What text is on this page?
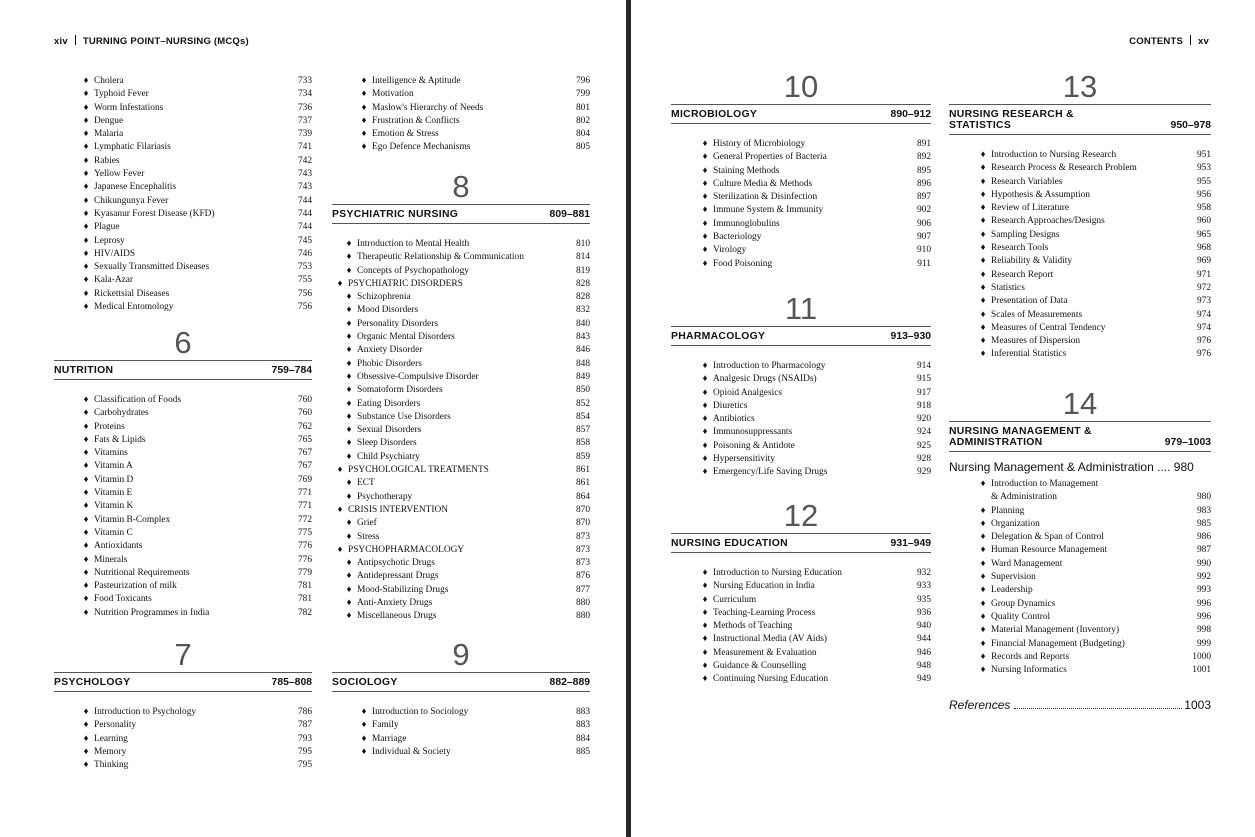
xiv TURNING POINT–NURSING (MCQs)
♦ Cholera	733
♦ Typhoid Fever	734
♦ Worm Infestations	736
♦ Dengue	737
♦ Malaria	739
♦ Lymphatic Filariasis	741
♦ Rabies	742
♦ Yellow Fever	743
♦ Japanese Encephalitis	743
♦ Chikungunya Fever	744
♦ Kyasanur Forest Disease (KFD)	744
♦ Plague	744
♦ Leprosy	745
♦ HIV/AIDS	746
♦ Sexually Transmitted Diseases	753
♦ Kala-Azar	755
♦ Rickettsial Diseases	756
♦ Medical Entomology	756
6
NUTRITION	759–784
♦ Classification of Foods	760
♦ Carbohydrates	760
♦ Proteins	762
♦ Fats & Lipids	765
♦ Vitamins	767
♦ Vitamin A	767
♦ Vitamin D	769
♦ Vitamin E	771
♦ Vitamin K	771
♦ Vitamin B-Complex	772
♦ Vitamin C	775
♦ Antioxidants	776
♦ Minerals	776
♦ Nutritional Requirements	779
♦ Pasteurization of milk	781
♦ Food Toxicants	781
♦ Nutrition Programmes in India	782
7
PSYCHOLOGY	785–808
♦ Introduction to Psychology	786
♦ Personality	787
♦ Learning	793
♦ Memory	795
♦ Thinking	795
♦ Intelligence & Aptitude	796
♦ Motivation	799
♦ Maslow's Hierarchy of Needs	801
♦ Frustration & Conflicts	802
♦ Emotion & Stress	804
♦ Ego Defence Mechanisms	805
8
PSYCHIATRIC NURSING	809–881
♦ Introduction to Mental Health	810
♦ Therapeutic Relationship & Communication	814
♦ Concepts of Psychopathology	819
♦ PSYCHIATRIC DISORDERS	828
♦ Schizophrenia	828
♦ Mood Disorders	832
♦ Personality Disorders	840
♦ Organic Mental Disorders	843
♦ Anxiety Disorder	846
♦ Phobic Disorders	848
♦ Obsessive-Compulsive Disorder	849
♦ Somatoform Disorders	850
♦ Eating Disorders	852
♦ Substance Use Disorders	854
♦ Sexual Disorders	857
♦ Sleep Disorders	858
♦ Child Psychiatry	859
♦ PSYCHOLOGICAL TREATMENTS	861
♦ ECT	861
♦ Psychotherapy	864
♦ CRISIS INTERVENTION	870
♦ Grief	870
♦ Stress	873
♦ PSYCHOPHARMACOLOGY	873
♦ Antipsychotic Drugs	873
♦ Antidepressant Drugs	876
♦ Mood-Stabilizing Drugs	877
♦ Anti-Anxiety Drugs	880
♦ Miscellaneous Drugs	880
9
SOCIOLOGY	882–889
♦ Introduction to Sociology	883
♦ Family	883
♦ Marriage	884
♦ Individual & Society	885
CONTENTS xv
10
MICROBIOLOGY	890–912
♦ History of Microbiology	891
♦ General Properties of Bacteria	892
♦ Staining Methods	895
♦ Culture Media & Methods	896
♦ Sterilization & Disinfection	897
♦ Immune System & Immunity	902
♦ Immunoglobulins	906
♦ Bacteriology	907
♦ Virology	910
♦ Food Poisoning	911
11
PHARMACOLOGY	913–930
♦ Introduction to Pharmacology	914
♦ Analgesic Drugs (NSAIDs)	915
♦ Opioid Analgesics	917
♦ Diuretics	918
♦ Antibiotics	920
♦ Immunosuppressants	924
♦ Poisoning & Antidote	925
♦ Hypersensitivity	928
♦ Emergency/Life Saving Drugs	929
12
NURSING EDUCATION	931–949
♦ Introduction to Nursing Education	932
♦ Nursing Education in India	933
♦ Curriculum	935
♦ Teaching-Learning Process	936
♦ Methods of Teaching	940
♦ Instructional Media (AV Aids)	944
♦ Measurement & Evaluation	946
♦ Guidance & Counselling	948
♦ Continuing Nursing Education	949
13
NURSING RESEARCH &
STATISTICS	950–978
♦ Introduction to Nursing Research	951
♦ Research Process & Research Problem	953
♦ Research Variables	955
♦ Hypothesis & Assumption	956
♦ Review of Literature	958
♦ Research Approaches/Designs	960
♦ Sampling Designs	965
♦ Research Tools	968
♦ Reliability & Validity	969
♦ Research Report	971
♦ Statistics	972
♦ Presentation of Data	973
♦ Scales of Measurements	974
♦ Measures of Central Tendency	974
♦ Measures of Dispersion	976
♦ Inferential Statistics	976
14
NURSING MANAGEMENT &
ADMINISTRATION	979–1003
Nursing Management & Administration .... 980
♦ Introduction to Management
& Administration	980
♦ Planning	983
♦ Organization	985
♦ Delegation & Span of Control	986
♦ Human Resource Management	987
♦ Ward Management	990
♦ Supervision	992
♦ Leadership	993
♦ Group Dynamics	996
♦ Quality Control	996
♦ Material Management (Inventory)	998
♦ Financial Management (Budgeting)	999
♦ Records and Reports	1000
♦ Nursing Informatics	1001
References	1003
